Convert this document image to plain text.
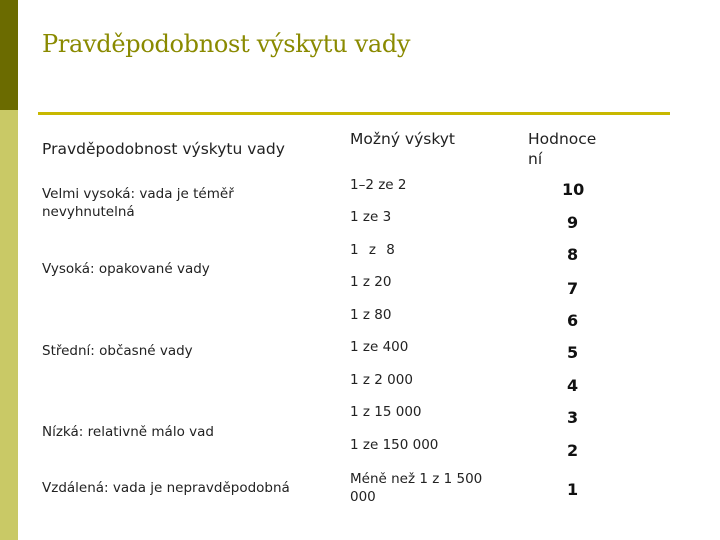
Pravděpodobnost výskytu vady
Pravděpodobnost výskytu vady
Možný výskyt	Hodnoce
ní
Velmi vysoká: vada je téměř
nevyhnutelná
Vysoká: opakované vady
Střední: občasné vady
Nízká: relativně málo vad
Vzdálená: vada je nepravděpodobná
1–2 ze 2
1 ze 3
1 z 8
1 z 20
1 z 80
1 ze 400
1 z 2 000
1 z 15 000
1 ze 150 000
Méně než 1 z 1 500
000
10
9
8
7
6
5
4
3
2
1
